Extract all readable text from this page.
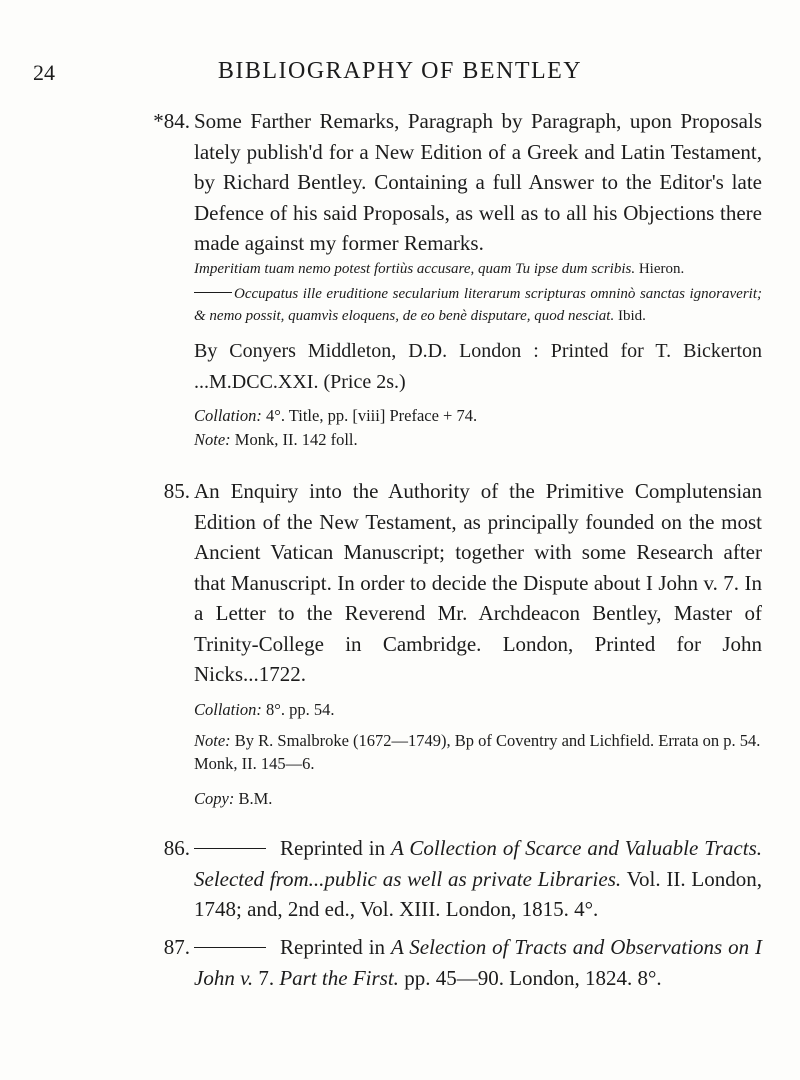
24	BIBLIOGRAPHY OF BENTLEY
*84. Some Farther Remarks, Paragraph by Paragraph, upon Proposals lately publish'd for a New Edition of a Greek and Latin Testament, by Richard Bentley. Containing a full Answer to the Editor's late Defence of his said Proposals, as well as to all his Objections there made against my former Remarks.
Imperitiam tuam nemo potest fortiùs accusare, quam Tu ipse dum scribis. Hieron.
Occupatus ille eruditione secularium literarum scripturas omninò sanctas ignoraverit; & nemo possit, quamvìs eloquens, de eo benè disputare, quod nesciat. Ibid.
By Conyers Middleton, D.D. London : Printed for T. Bickerton ...M.DCC.XXI. (Price 2s.)
Collation: 4°. Title, pp. [viii] Preface + 74.
Note: Monk, II. 142 foll.
85. An Enquiry into the Authority of the Primitive Complutensian Edition of the New Testament, as principally founded on the most Ancient Vatican Manuscript; together with some Research after that Manuscript. In order to decide the Dispute about I John v. 7. In a Letter to the Reverend Mr. Archdeacon Bentley, Master of Trinity-College in Cambridge. London, Printed for John Nicks...1722.
Collation: 8°. pp. 54.
Note: By R. Smalbroke (1672—1749), Bp of Coventry and Lichfield. Errata on p. 54. Monk, II. 145—6.
Copy: B.M.
86.	Reprinted in A Collection of Scarce and Valuable Tracts. Selected from...public as well as private Libraries. Vol. II. London, 1748; and, 2nd ed., Vol. XIII. London, 1815. 4°.
87.	Reprinted in A Selection of Tracts and Observations on I John v. 7. Part the First. pp. 45—90. London, 1824. 8°.
